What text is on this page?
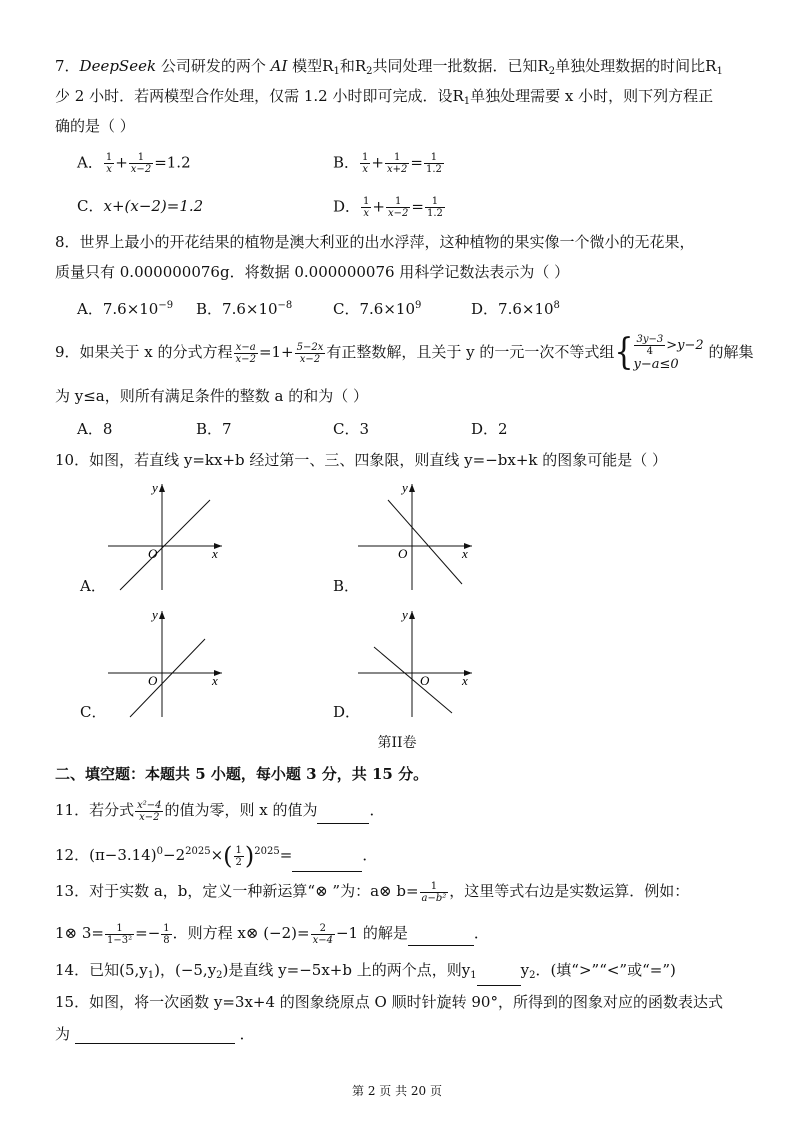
7．DeepSeek 公司研发的两个 AI 模型$R_1$和$R_2$共同处理一批数据．已知$R_2$单独处理数据的时间比$R_1$
少 2 小时．若两模型合作处理，仅需 1.2 小时即可完成．设$R_1$单独处理需要 x 小时，则下列方程正
确的是（ ）
A． $\frac{1}{x} + \frac{1}{x-2} =1.2$	B． $\frac{1}{x} + \frac{1}{x+2} = \frac{1}{1.2}$
C．x+(x−2)=1.2	D． $\frac{1}{x} + \frac{1}{x-2} = \frac{1}{1.2}$
8．世界上最小的开花结果的植物是澳大利亚的出水浮萍，这种植物的果实像一个微小的无花果，
质量只有 0.000000076g．将数据 0.000000076 用科学记数法表示为（ ）
A．$7.6\times 10^{-9}$ B．$7.6\times 10^{-8}$	C．$7.6\times 10^9$	D．$7.6\times 10^8$
9．如果关于 x 的分式方程 $\frac{x-a}{x-2} =1+ \frac{5-2x}{x-2}$ 有正整数解，且关于 y 的一元一次不等式组{ $\frac{3y-3}{4} >y-2$
y−a≤0
的解集
为 y≤a，则所有满足条件的整数 a 的和为（ ）
A．8	B．7	C．3	D．2
10．如图，若直线 y=kx+b 经过第一、三、四象限，则直线 y=−bx+k 的图象可能是（ ）
y
x
O
A．
y
x
O
B．
y
x
O
C．
y
x
O
D．
第II卷
二、填空题：本题共 5 小题，每小题 3 分，共 15 分。
11．若分式 $\frac{\text{x²−4}}{x-2}$ 的值为零，则 x 的值为	．
12．$(\pi-3.14)^0-2^{2025}\times( \frac{1}{2} )^{2025}=$	．
13．对于实数 a，b，定义一种新运算“⊗ ”为：a⊗ $b= \frac{1}{\text{a−b²}}$ ，这里等式右边是实数运算．例如：
1⊗ $3= \frac{1}{\text{1−3²}} =- \frac{1}{8}$ ．则方程 x⊗ $(-2)= \frac{2}{x-4} -1$ 的解是	．
14．已知$(5,y_1)$，$(-5,y_2)$是直线 y=−5x+b 上的两个点，则$y_1$	$y_2$．(填“>”“<”或“=”)
15．如图，将一次函数 y=3x+4 的图象绕原点 O 顺时针旋转 90°，所得到的图象对应的函数表达式
为	．
第 2 页 共 20 页
